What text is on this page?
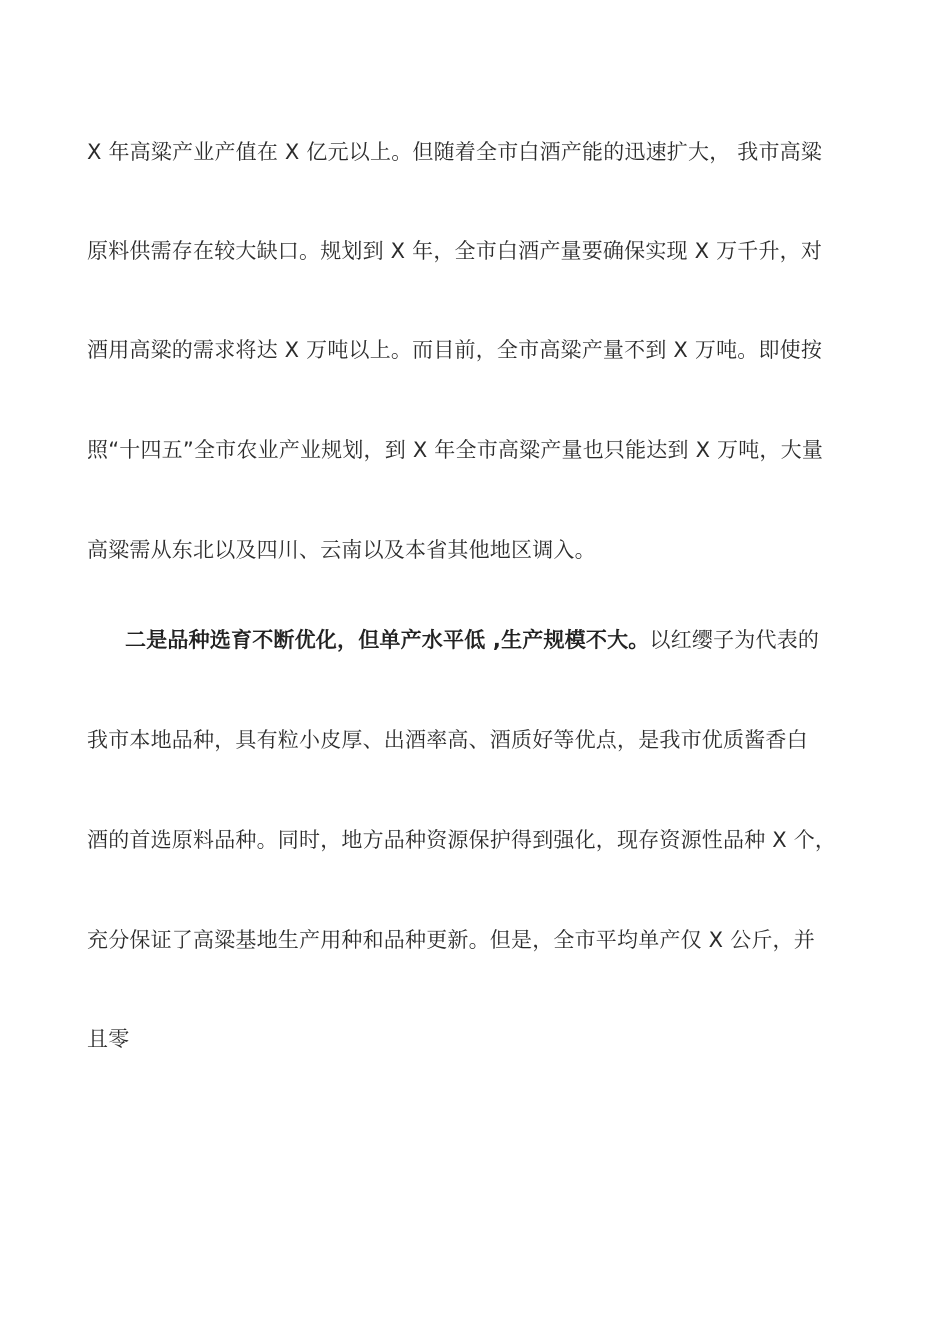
X 年高粱产业产值在 X 亿元以上。但随着全市白酒产能的迅速扩大， 我市高粱
原料供需存在较大缺口。规划到 X 年，全市白酒产量要确保实现 X 万千升，对
酒用高粱的需求将达 X 万吨以上。而目前，全市高粱产量不到 X 万吨。即使按
照“十四五”全市农业产业规划，到 X 年全市高粱产量也只能达到 X 万吨，大量
高粱需从东北以及四川、云南以及本省其他地区调入。
二是品种选育不断优化，但单产水平低 ,生产规模不大。以红缨子为代表的
我市本地品种，具有粒小皮厚、出酒率高、酒质好等优点，是我市优质酱香白
酒的首选原料品种。同时，地方品种资源保护得到强化，现存资源性品种 X 个，
充分保证了高粱基地生产用种和品种更新。但是，全市平均单产仅 X 公斤，并
且零
